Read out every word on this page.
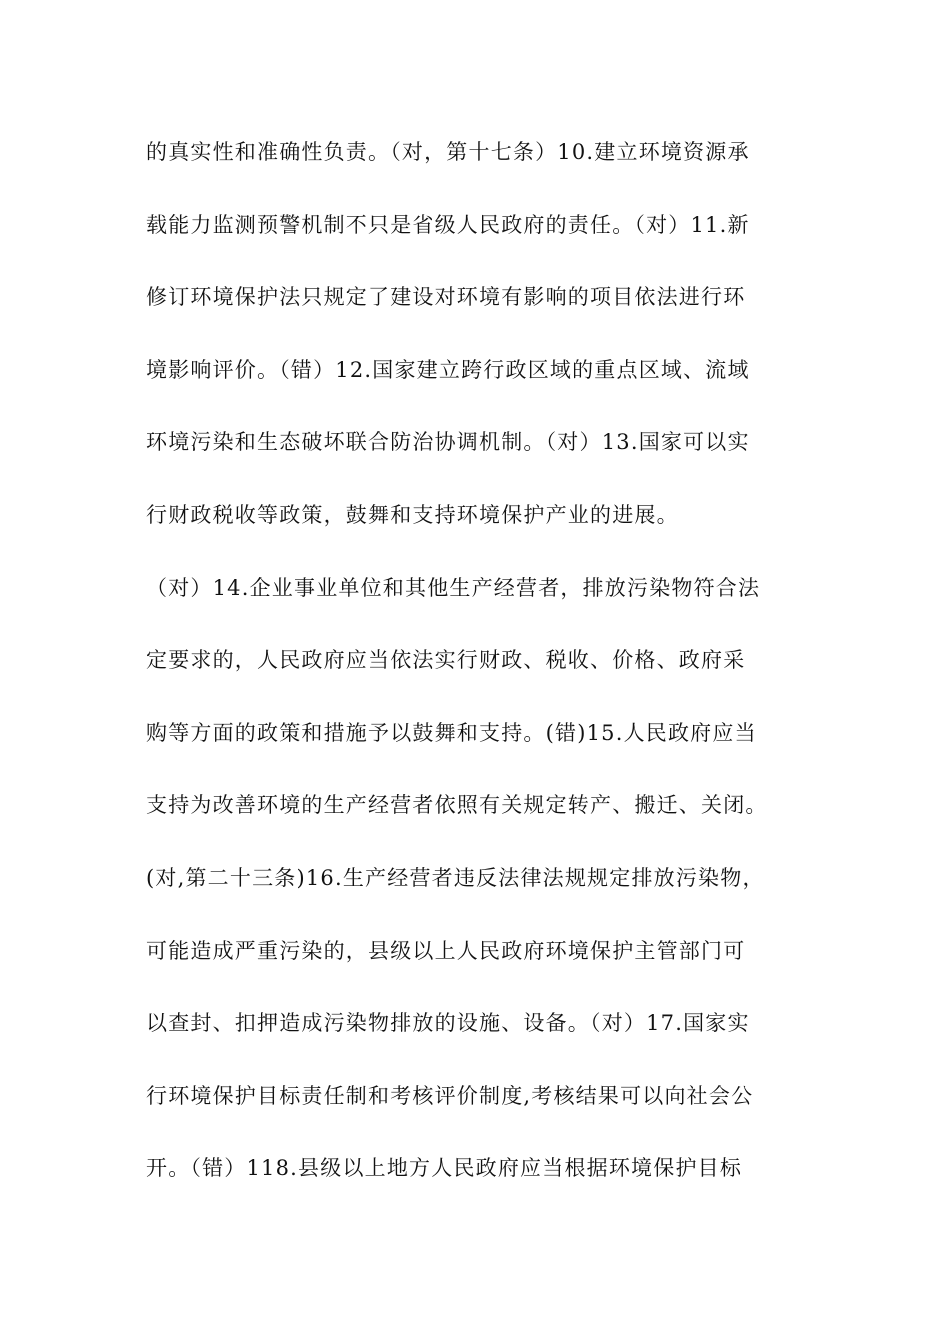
的真实性和准确性负责。（对，第十七条）10.建立环境资源承
载能力监测预警机制不只是省级人民政府的责任。（对）11.新
修订环境保护法只规定了建设对环境有影响的项目依法进行环
境影响评价。（错）12.国家建立跨行政区域的重点区域、流域
环境污染和生态破坏联合防治协调机制。（对）13.国家可以实
行财政税收等政策，鼓舞和支持环境保护产业的进展。
（对）14.企业事业单位和其他生产经营者，排放污染物符合法
定要求的，人民政府应当依法实行财政、税收、价格、政府采
购等方面的政策和措施予以鼓舞和支持。(错)15.人民政府应当
支持为改善环境的生产经营者依照有关规定转产、搬迁、关闭。
(对,第二十三条)16.生产经营者违反法律法规规定排放污染物，
可能造成严重污染的，县级以上人民政府环境保护主管部门可
以查封、扣押造成污染物排放的设施、设备。（对）17.国家实
行环境保护目标责任制和考核评价制度,考核结果可以向社会公
开。（错）118.县级以上地方人民政府应当根据环境保护目标
